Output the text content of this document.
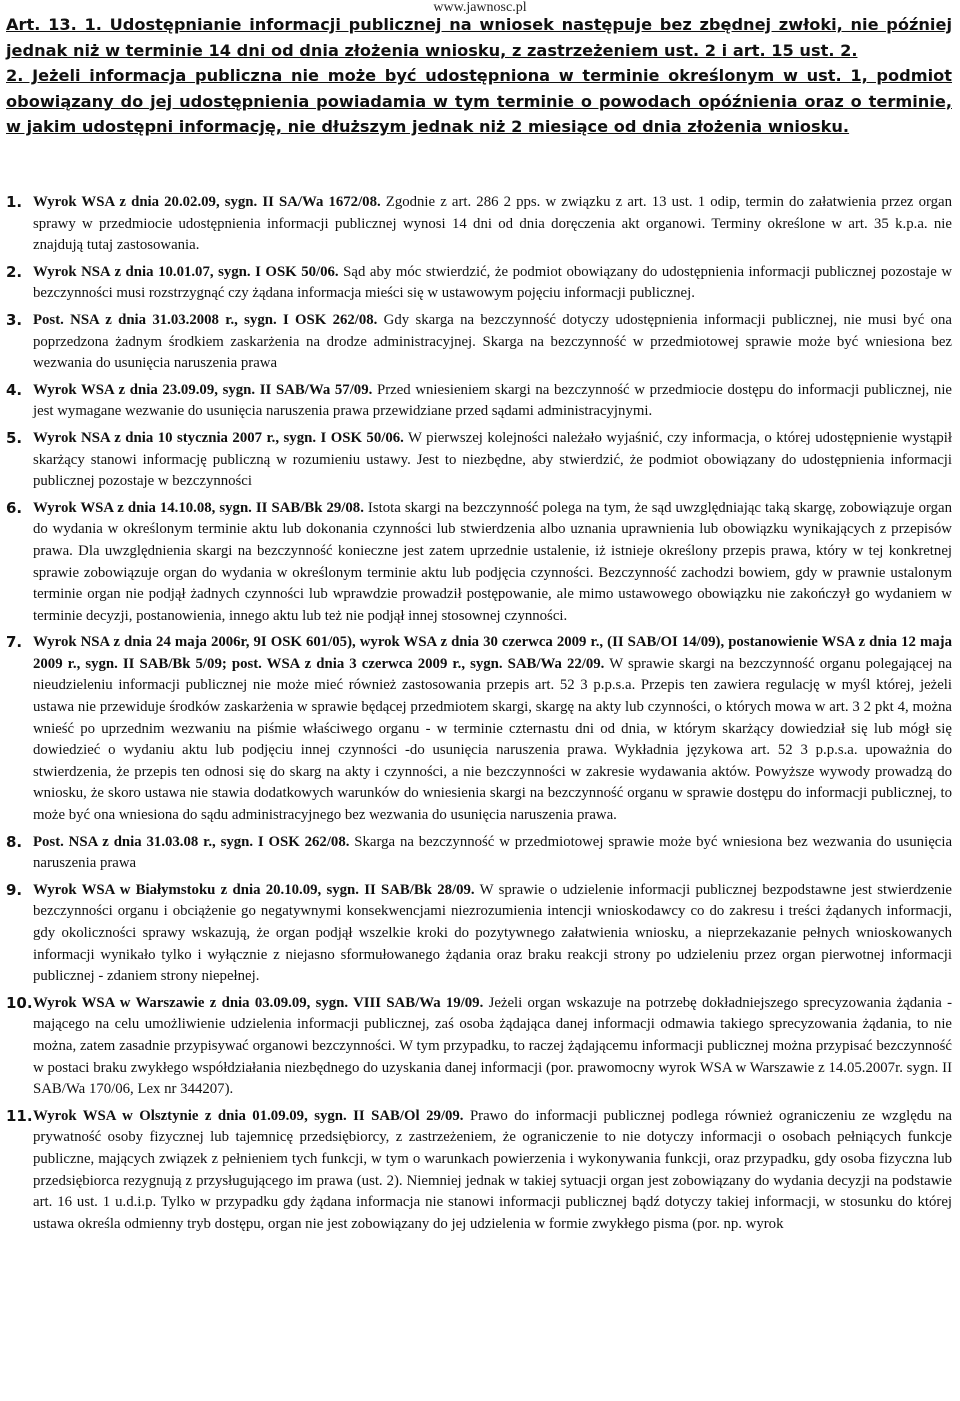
www.jawnosc.pl

Art. 13. 1. Udostępnianie informacji publicznej na wniosek następuje bez zbędnej zwłoki, nie później jednak niż w terminie 14 dni od dnia złożenia wniosku, z zastrzeżeniem ust. 2 i art. 15 ust. 2.

2. Jeżeli informacja publiczna nie może być udostępniona w terminie określonym w ust. 1, podmiot obowiązany do jej udostępnienia powiadamia w tym terminie o powodach opóźnienia oraz o terminie, w jakim udostępni informację, nie dłuższym jednak niż 2 miesiące od dnia złożenia wniosku.

1. Wyrok WSA z dnia 20.02.09, sygn. II SA/Wa 1672/08. Zgodnie z art. 286 2 pps. w związku z art. 13 ust. 1 odip, termin do załatwienia przez organ sprawy w przedmiocie udostępnienia informacji publicznej wynosi 14 dni od dnia doręczenia akt organowi. Terminy określone w art. 35 k.p.a. nie znajdują tutaj zastosowania.
2. Wyrok NSA z dnia 10.01.07, sygn. I OSK 50/06. Sąd aby móc stwierdzić, że podmiot obowiązany do udostępnienia informacji publicznej pozostaje w bezczynności musi rozstrzygnąć czy żądana informacja mieści się w ustawowym pojęciu informacji publicznej.
3. Post. NSA z dnia 31.03.2008 r., sygn. I OSK 262/08. Gdy skarga na bezczynność dotyczy udostępnienia informacji publicznej, nie musi być ona poprzedzona żadnym środkiem zaskarżenia na drodze administracyjnej. Skarga na bezczynność w przedmiotowej sprawie może być wniesiona bez wezwania do usunięcia naruszenia prawa
4. Wyrok WSA z dnia 23.09.09, sygn. II SAB/Wa 57/09. Przed wniesieniem skargi na bezczynność w przedmiocie dostępu do informacji publicznej, nie jest wymagane wezwanie do usunięcia naruszenia prawa przewidziane przed sądami administracyjnymi.
5. Wyrok NSA z dnia 10 stycznia 2007 r., sygn. I OSK 50/06. W pierwszej kolejności należało wyjaśnić, czy informacja, o której udostępnienie wystąpił skarżący stanowi informację publiczną w rozumieniu ustawy. Jest to niezbędne, aby stwierdzić, że podmiot obowiązany do udostępnienia informacji publicznej pozostaje w bezczynności
6. Wyrok WSA z dnia 14.10.08, sygn. II SAB/Bk 29/08. Istota skargi na bezczynność polega na tym, że sąd uwzględniając taką skargę, zobowiązuje organ do wydania w określonym terminie aktu lub dokonania czynności lub stwierdzenia albo uznania uprawnienia lub obowiązku wynikających z przepisów prawa. Dla uwzględnienia skargi na bezczynność konieczne jest zatem uprzednie ustalenie, iż istnieje określony przepis prawa, który w tej konkretnej sprawie zobowiązuje organ do wydania w określonym terminie aktu lub podjęcia czynności. Bezczynność zachodzi bowiem, gdy w prawnie ustalonym terminie organ nie podjął żadnych czynności lub wprawdzie prowadził postępowanie, ale mimo ustawowego obowiązku nie zakończył go wydaniem w terminie decyzji, postanowienia, innego aktu lub też nie podjął innej stosownej czynności.
7. Wyrok NSA z dnia 24 maja 2006r, 9I OSK 601/05), wyrok WSA z dnia 30 czerwca 2009 r., (II SAB/OI 14/09), postanowienie WSA z dnia 12 maja 2009 r., sygn. II SAB/Bk 5/09; post. WSA z dnia 3 czerwca 2009 r., sygn. SAB/Wa 22/09. W sprawie skargi na bezczynność organu polegającej na nieudzieleniu informacji publicznej nie może mieć również zastosowania przepis art. 52 3 p.p.s.a. Przepis ten zawiera regulację w myśl której, jeżeli ustawa nie przewiduje środków zaskarżenia w sprawie będącej przedmiotem skargi, skargę na akty lub czynności, o których mowa w art. 3 2 pkt 4, można wnieść po uprzednim wezwaniu na piśmie właściwego organu - w terminie czternastu dni od dnia, w którym skarżący dowiedział się lub mógł się dowiedzieć o wydaniu aktu lub podjęciu innej czynności -do usunięcia naruszenia prawa. Wykładnia językowa art. 52 3 p.p.s.a. upoważnia do stwierdzenia, że przepis ten odnosi się do skarg na akty i czynności, a nie bezczynności w zakresie wydawania aktów. Powyższe wywody prowadzą do wniosku, że skoro ustawa nie stawia dodatkowych warunków do wniesienia skargi na bezczynność organu w sprawie dostępu do informacji publicznej, to może być ona wniesiona do sądu administracyjnego bez wezwania do usunięcia naruszenia prawa.
8. Post. NSA z dnia 31.03.08 r., sygn. I OSK 262/08. Skarga na bezczynność w przedmiotowej sprawie może być wniesiona bez wezwania do usunięcia naruszenia prawa
9. Wyrok WSA w Białymstoku z dnia 20.10.09, sygn. II SAB/Bk 28/09. W sprawie o udzielenie informacji publicznej bezpodstawne jest stwierdzenie bezczynności organu i obciążenie go negatywnymi konsekwencjami niezrozumienia intencji wnioskodawcy co do zakresu i treści żądanych informacji, gdy okoliczności sprawy wskazują, że organ podjął wszelkie kroki do pozytywnego załatwienia wniosku, a nieprzekazanie pełnych wnioskowanych informacji wynikało tylko i wyłącznie z niejasno sformułowanego żądania oraz braku reakcji strony po udzieleniu przez organ pierwotnej informacji publicznej - zdaniem strony niepełnej.
10. Wyrok WSA w Warszawie z dnia 03.09.09, sygn. VIII SAB/Wa 19/09. Jeżeli organ wskazuje na potrzebę dokładniejszego sprecyzowania żądania - mającego na celu umożliwienie udzielenia informacji publicznej, zaś osoba żądająca danej informacji odmawia takiego sprecyzowania żądania, to nie można, zatem zasadnie przypisywać organowi bezczynności. W tym przypadku, to raczej żądającemu informacji publicznej można przypisać bezczynność w postaci braku zwykłego współdziałania niezbędnego do uzyskania danej informacji (por. prawomocny wyrok WSA w Warszawie z 14.05.2007r. sygn. II SAB/Wa 170/06, Lex nr 344207).
11. Wyrok WSA w Olsztynie z dnia 01.09.09, sygn. II SAB/Ol 29/09. Prawo do informacji publicznej podlega również ograniczeniu ze względu na prywatność osoby fizycznej lub tajemnicę przedsiębiorcy, z zastrzeżeniem, że ograniczenie to nie dotyczy informacji o osobach pełniących funkcje publiczne, mających związek z pełnieniem tych funkcji, w tym o warunkach powierzenia i wykonywania funkcji, oraz przypadku, gdy osoba fizyczna lub przedsiębiorca rezygnują z przysługującego im prawa (ust. 2). Niemniej jednak w takiej sytuacji organ jest zobowiązany do wydania decyzji na podstawie art. 16 ust. 1 u.d.i.p. Tylko w przypadku gdy żądana informacja nie stanowi informacji publicznej bądź dotyczy takiej informacji, w stosunku do której ustawa określa odmienny tryb dostępu, organ nie jest zobowiązany do jej udzielenia w formie zwykłego pisma (por. np. wyrok
